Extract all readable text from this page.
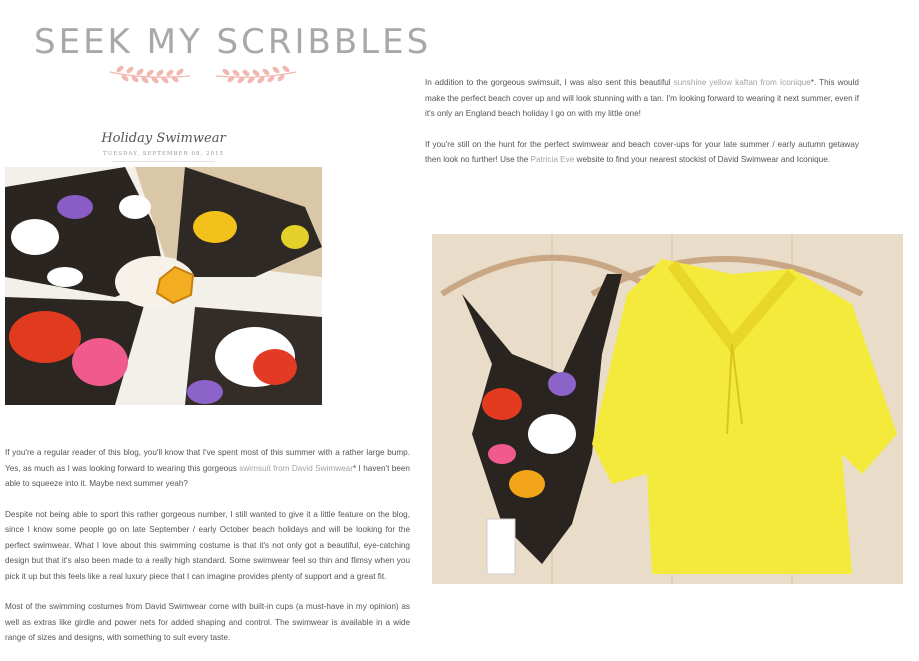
SEEK MY SCRIBBLES
Holiday Swimwear
TUESDAY, SEPTEMBER 08, 2015

In addition to the gorgeous swimsuit, I was also sent this beautiful sunshine yellow kaftan from Iconique*. This would make the perfect beach cover up and will look stunning with a tan. I'm looking forward to wearing it next summer, even if it's only an England beach holiday I go on with my little one!

If you're still on the hunt for the perfect swimwear and beach cover-ups for your late summer / early autumn getaway then look no further! Use the Patricia Eve website to find your nearest stockist of David Swimwear and Iconique.

If you're a regular reader of this blog, you'll know that I've spent most of this summer with a rather large bump. Yes, as much as I was looking forward to wearing this gorgeous swimsuit from David Swimwear* I haven't been able to squeeze into it. Maybe next summer yeah?

Despite not being able to sport this rather gorgeous number, I still wanted to give it a little feature on the blog, since I know some people go on late September / early October beach holidays and will be looking for the perfect swimwear. What I love about this swimming costume is that it's not only got a beautiful, eye-catching design but that it's also been made to a really high standard. Some swimwear feel so thin and flimsy when you pick it up but this feels like a real luxury piece that I can imagine provides plenty of support and a great fit.

Most of the swimming costumes from David Swimwear come with built-in cups (a must-have in my opinion) as well as extras like girdle and power nets for added shaping and control. The swimwear is available in a wide range of sizes and designs, with something to suit every taste.
